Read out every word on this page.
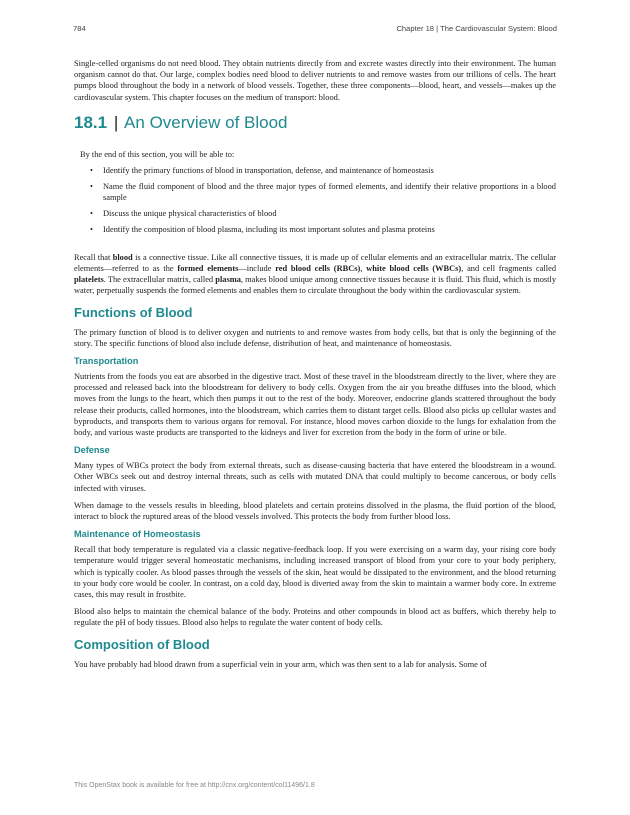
784	Chapter 18 | The Cardiovascular System: Blood

Single-celled organisms do not need blood. They obtain nutrients directly from and excrete wastes directly into their environment. The human organism cannot do that. Our large, complex bodies need blood to deliver nutrients to and remove wastes from our trillions of cells. The heart pumps blood throughout the body in a network of blood vessels. Together, these three components—blood, heart, and vessels—makes up the cardiovascular system. This chapter focuses on the medium of transport: blood.

18.1 | An Overview of Blood
By the end of this section, you will be able to:
• Identify the primary functions of blood in transportation, defense, and maintenance of homeostasis
• Name the fluid component of blood and the three major types of formed elements, and identify their relative proportions in a blood sample
• Discuss the unique physical characteristics of blood
• Identify the composition of blood plasma, including its most important solutes and plasma proteins

Recall that blood is a connective tissue. Like all connective tissues, it is made up of cellular elements and an extracellular matrix. The cellular elements—referred to as the formed elements—include red blood cells (RBCs), white blood cells (WBCs), and cell fragments called platelets. The extracellular matrix, called plasma, makes blood unique among connective tissues because it is fluid. This fluid, which is mostly water, perpetually suspends the formed elements and enables them to circulate throughout the body within the cardiovascular system.

Functions of Blood

The primary function of blood is to deliver oxygen and nutrients to and remove wastes from body cells, but that is only the beginning of the story. The specific functions of blood also include defense, distribution of heat, and maintenance of homeostasis.

Transportation

Nutrients from the foods you eat are absorbed in the digestive tract. Most of these travel in the bloodstream directly to the liver, where they are processed and released back into the bloodstream for delivery to body cells. Oxygen from the air you breathe diffuses into the blood, which moves from the lungs to the heart, which then pumps it out to the rest of the body. Moreover, endocrine glands scattered throughout the body release their products, called hormones, into the bloodstream, which carries them to distant target cells. Blood also picks up cellular wastes and byproducts, and transports them to various organs for removal. For instance, blood moves carbon dioxide to the lungs for exhalation from the body, and various waste products are transported to the kidneys and liver for excretion from the body in the form of urine or bile.

Defense

Many types of WBCs protect the body from external threats, such as disease-causing bacteria that have entered the bloodstream in a wound. Other WBCs seek out and destroy internal threats, such as cells with mutated DNA that could multiply to become cancerous, or body cells infected with viruses.

When damage to the vessels results in bleeding, blood platelets and certain proteins dissolved in the plasma, the fluid portion of the blood, interact to block the ruptured areas of the blood vessels involved. This protects the body from further blood loss.

Maintenance of Homeostasis

Recall that body temperature is regulated via a classic negative-feedback loop. If you were exercising on a warm day, your rising core body temperature would trigger several homeostatic mechanisms, including increased transport of blood from your core to your body periphery, which is typically cooler. As blood passes through the vessels of the skin, heat would be dissipated to the environment, and the blood returning to your body core would be cooler. In contrast, on a cold day, blood is diverted away from the skin to maintain a warmer body core. In extreme cases, this may result in frostbite.

Blood also helps to maintain the chemical balance of the body. Proteins and other compounds in blood act as buffers, which thereby help to regulate the pH of body tissues. Blood also helps to regulate the water content of body cells.

Composition of Blood

You have probably had blood drawn from a superficial vein in your arm, which was then sent to a lab for analysis. Some of

This OpenStax book is available for free at http://cnx.org/content/col11496/1.8
